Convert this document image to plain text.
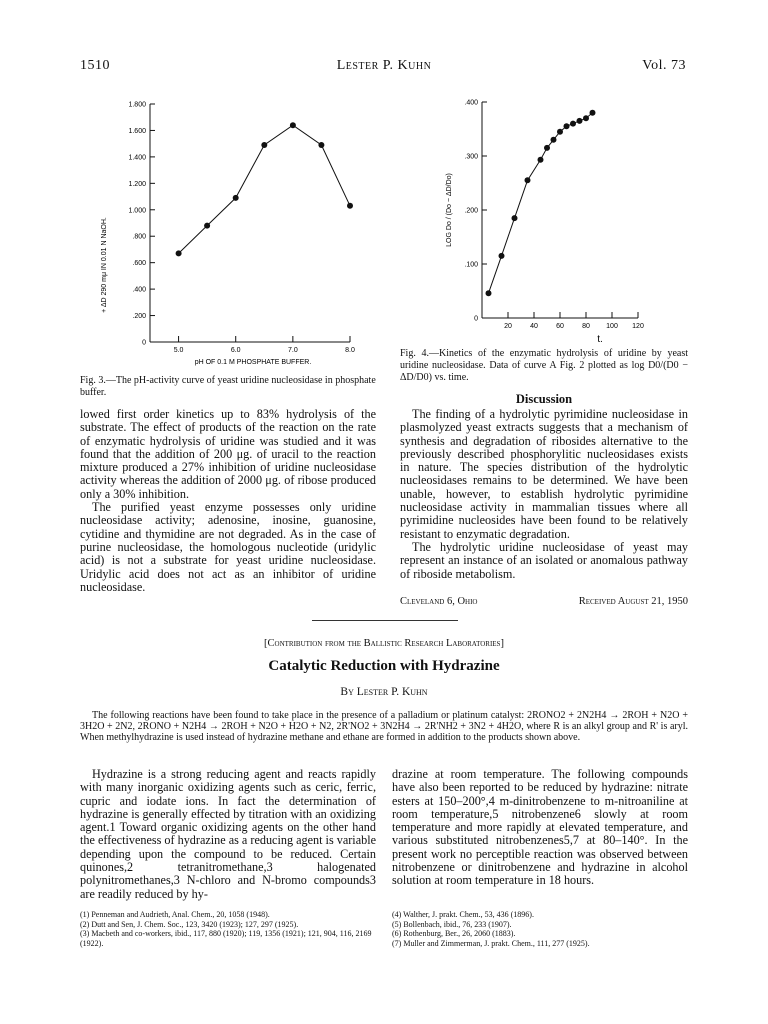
1510	Lester P. Kuhn	Vol. 73
0
.200
.400
.600
.800
1.000
1.200
1.400
1.600
1.800
5.0	6.0	7.0	8.0
+ ΔD 290 mμ IN 0.01 N NaOH.
pH OF 0.1 M PHOSPHATE BUFFER.
Fig. 3.—The pH-activity curve of yeast uridine nucleosidase in phosphate buffer.
0
.100
.200
.300
.400
20	40	60	80 100 120
LOG Do / (Do − ΔD/Do)
t.
Fig. 4.—Kinetics of the enzymatic hydrolysis of uridine by yeast uridine nucleosidase. Data of curve A Fig. 2 plotted as log D0/(D0 − ΔD/D0) vs. time.

lowed first order kinetics up to 83% hydrolysis of the substrate. The effect of products of the reaction on the rate of enzymatic hydrolysis of uridine was studied and it was found that the addition of 200 μg. of uracil to the reaction mixture produced a 27% inhibition of uridine nucleosidase activity whereas the addition of 2000 μg. of ribose produced only a 30% inhibition.

The purified yeast enzyme possesses only uridine nucleosidase activity; adenosine, inosine, guanosine, cytidine and thymidine are not degraded. As in the case of purine nucleosidase, the homologous nucleotide (uridylic acid) is not a substrate for yeast uridine nucleosidase. Uridylic acid does not act as an inhibitor of uridine nucleosidase.

Discussion

The finding of a hydrolytic pyrimidine nucleosidase in plasmolyzed yeast extracts suggests that a mechanism of synthesis and degradation of ribosides alternative to the previously described phosphorylitic nucleosidases exists in nature. The species distribution of the hydrolytic nucleosidases remains to be determined. We have been unable, however, to establish hydrolytic pyrimidine nucleosidase activity in mammalian tissues where all pyrimidine nucleosides have been found to be relatively resistant to enzymatic degradation.

The hydrolytic uridine nucleosidase of yeast may represent an instance of an isolated or anomalous pathway of riboside metabolism.

Cleveland 6, Ohio	Received August 21, 1950
[Contribution from the Ballistic Research Laboratories]
Catalytic Reduction with Hydrazine
By Lester P. Kuhn
The following reactions have been found to take place in the presence of a palladium or platinum catalyst: 2RONO2 + 2N2H4 → 2ROH + N2O + 3H2O + 2N2, 2RONO + N2H4 → 2ROH + N2O + H2O + N2, 2R'NO2 + 3N2H4 → 2R'NH2 + 3N2 + 4H2O, where R is an alkyl group and R' is aryl. When methylhydrazine is used instead of hydrazine methane and ethane are formed in addition to the products shown above.
Hydrazine is a strong reducing agent and reacts rapidly with many inorganic oxidizing agents such as ceric, ferric, cupric and iodate ions. In fact the determination of hydrazine is generally effected by titration with an oxidizing agent.1 Toward organic oxidizing agents on the other hand the effectiveness of hydrazine as a reducing agent is variable depending upon the compound to be reduced. Certain quinones,2 tetranitromethane,3 halogenated polynitromethanes,3 N-chloro and N-bromo compounds3 are readily reduced by hy-
drazine at room temperature. The following compounds have also been reported to be reduced by hydrazine: nitrate esters at 150–200°,4 m-dinitrobenzene to m-nitroaniline at room temperature,5 nitrobenzene6 slowly at room temperature and more rapidly at elevated temperature, and various substituted nitrobenzenes5,7 at 80–140°. In the present work no perceptible reaction was observed between nitrobenzene or dinitrobenzene and hydrazine in alcohol solution at room temperature in 18 hours.
(1) Penneman and Audrieth, Anal. Chem., 20, 1058 (1948).
(2) Dutt and Sen, J. Chem. Soc., 123, 3420 (1923); 127, 297 (1925).
(3) Macbeth and co-workers, ibid., 117, 880 (1920); 119, 1356 (1921); 121, 904, 116, 2169 (1922).
(4) Walther, J. prakt. Chem., 53, 436 (1896).
(5) Bollenbach, ibid., 76, 233 (1907).
(6) Rothenburg, Ber., 26, 2060 (1883).
(7) Muller and Zimmerman, J. prakt. Chem., 111, 277 (1925).
